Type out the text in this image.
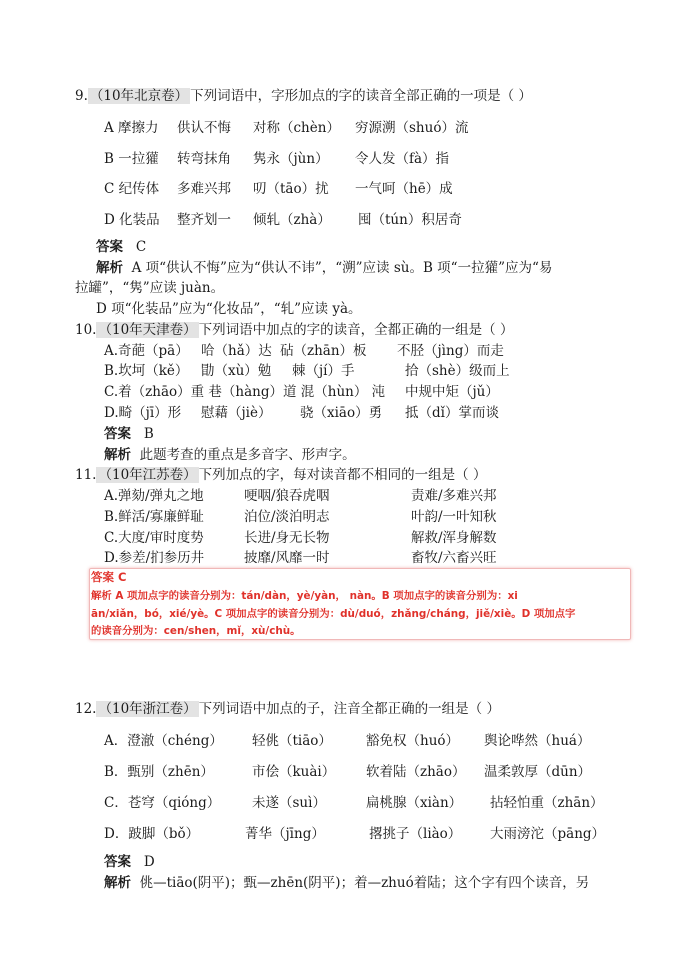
9. （10年北京卷） 下列词语中，字形加点的字的读音全部正确的一项是（ ）
A 摩擦力 供认不悔 对称（chèn） 穷源溯（shuó）流
B 一拉獾 转弯抹角 隽永（jùn） 令人发（fà）指
C 纪传体 多难兴邦 叨（tāo）扰 一气呵（hē）成
D 化装品 整齐划一 倾轧（zhà） 囤（tún）积居奇
答案 C
解析 A 项“供认不悔”应为“供认不讳”，“溯”应读 sù。B 项“一拉獾”应为“易
拉罐”，“隽”应读 juàn。
D 项“化装品”应为“化妆品”，“轧”应读 yà。
10. （10年天津卷） 下列词语中加点的字的读音，全都正确的一组是（ ）
A.奇葩（pā） 哈（hǎ）达 砧（zhān）板 不胫（jìng）而走
B.坎坷（kě） 勖（xù）勉 棘（jí）手	拾（shè）级而上
C.着（zhāo）重 巷（hàng）道 混（hùn） 沌 中规中矩（jǔ）
D.畸（jī）形 慰藉（jiè） 骁（xiāo）勇 抵（dǐ）掌而谈
答案 B
解析 此题考查的重点是多音字、形声字。
11. （10年江苏卷） 下列加点的字，每对读音都不相同的一组是（ ）
A.弹劾/弹丸之地	哽咽/狼吞虎咽	责难/多难兴邦
B.鲜活/寡廉鲜耻	泊位/淡泊明志	叶韵/一叶知秋
C.大度/审时度势	长进/身无长物	解救/浑身解数
D.参差/扪参历井	披靡/风靡一时	畜牧/六畜兴旺
答案 C
解析 A 项加点字的读音分别为：tán/dàn，yè/yàn， nàn。B 项加点字的读音分别为：xi
ān/xiǎn，bó，xié/yè。C 项加点字的读音分别为：dù/duó，zhǎng/cháng，jiě/xiè。D 项加点字
的读音分别为：cen/shen，mǐ，xù/chù。
12. （10年浙江卷） 下列词语中加点的子，注音全都正确的一组是（ ）
A．澄澈（chéng） 轻佻（tiāo）	豁免权（huó） 舆论哗然（huá）
B．甄别（zhēn）	市侩（kuài） 软着陆（zhāo） 温柔敦厚（dūn）
C．苍穹（qióng） 未遂（suì）	扁桃腺（xiàn） 拈轻怕重（zhān）
D．跛脚（bǒ）	菁华（jīng）	撂挑子（liào） 大雨滂沱（pāng）
答案 D
解析 佻—tiāo(阴平)；甄—zhēn(阴平)；着—zhuó着陆；这个字有四个读音，另
